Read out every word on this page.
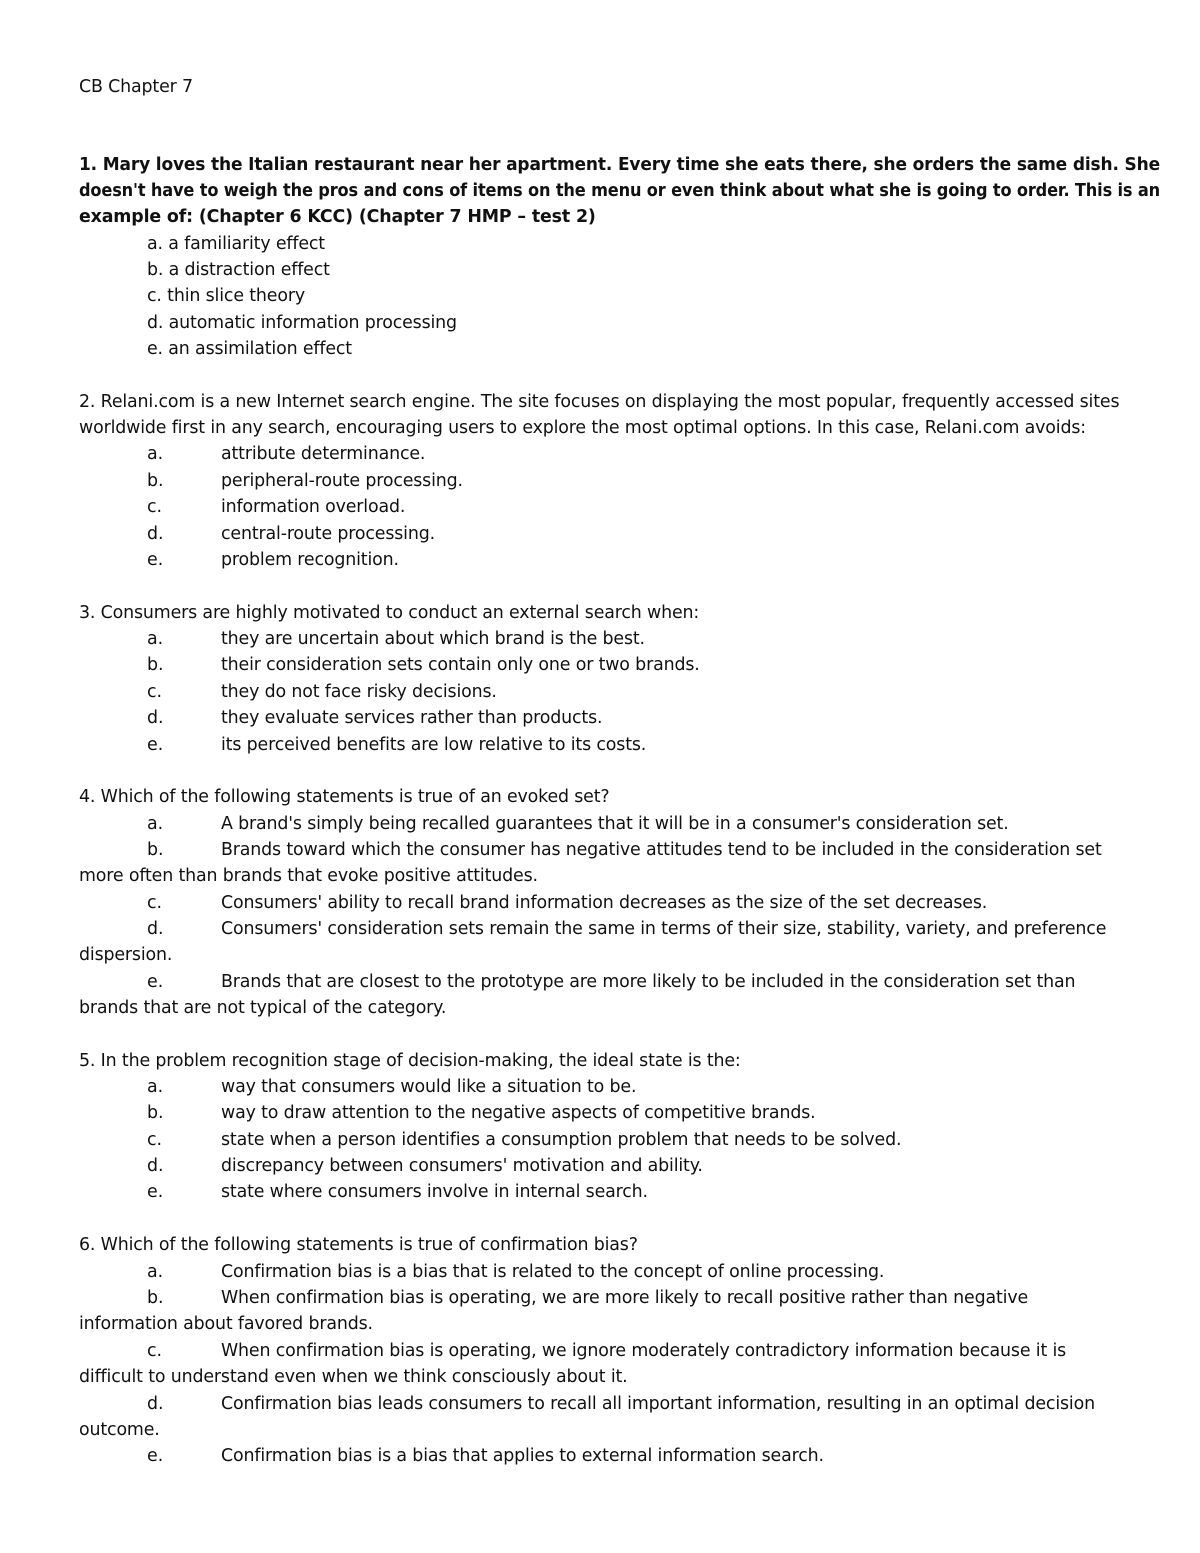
CB Chapter 7
1. Mary loves the Italian restaurant near her apartment. Every time she eats there, she orders the same dish. She
doesn't have to weigh the pros and cons of items on the menu or even think about what she is going to order. This is an
example of: (Chapter 6 KCC) (Chapter 7 HMP – test 2)
a. a familiarity effect
b. a distraction effect
c. thin slice theory
d. automatic information processing
e. an assimilation effect
2. Relani.com is a new Internet search engine. The site focuses on displaying the most popular, frequently accessed sites
worldwide first in any search, encouraging users to explore the most optimal options. In this case, Relani.com avoids:
a.	attribute determinance.
b.	peripheral-route processing.
c.	information overload.
d.	central-route processing.
e.	problem recognition.
3. Consumers are highly motivated to conduct an external search when:
a.	they are uncertain about which brand is the best.
b.	their consideration sets contain only one or two brands.
c.	they do not face risky decisions.
d.	they evaluate services rather than products.
e.	its perceived benefits are low relative to its costs.
4. Which of the following statements is true of an evoked set?
a.	A brand's simply being recalled guarantees that it will be in a consumer's consideration set.
b.	Brands toward which the consumer has negative attitudes tend to be included in the consideration set
more often than brands that evoke positive attitudes.
c.	Consumers' ability to recall brand information decreases as the size of the set decreases.
d.	Consumers' consideration sets remain the same in terms of their size, stability, variety, and preference
dispersion.
e.	Brands that are closest to the prototype are more likely to be included in the consideration set than
brands that are not typical of the category.
5. In the problem recognition stage of decision-making, the ideal state is the:
a.	way that consumers would like a situation to be.
b.	way to draw attention to the negative aspects of competitive brands.
c.	state when a person identifies a consumption problem that needs to be solved.
d.	discrepancy between consumers' motivation and ability.
e.	state where consumers involve in internal search.
6. Which of the following statements is true of confirmation bias?
a.	Confirmation bias is a bias that is related to the concept of online processing.
b.	When confirmation bias is operating, we are more likely to recall positive rather than negative
information about favored brands.
c.	When confirmation bias is operating, we ignore moderately contradictory information because it is
difficult to understand even when we think consciously about it.
d.	Confirmation bias leads consumers to recall all important information, resulting in an optimal decision
outcome.
e.	Confirmation bias is a bias that applies to external information search.
